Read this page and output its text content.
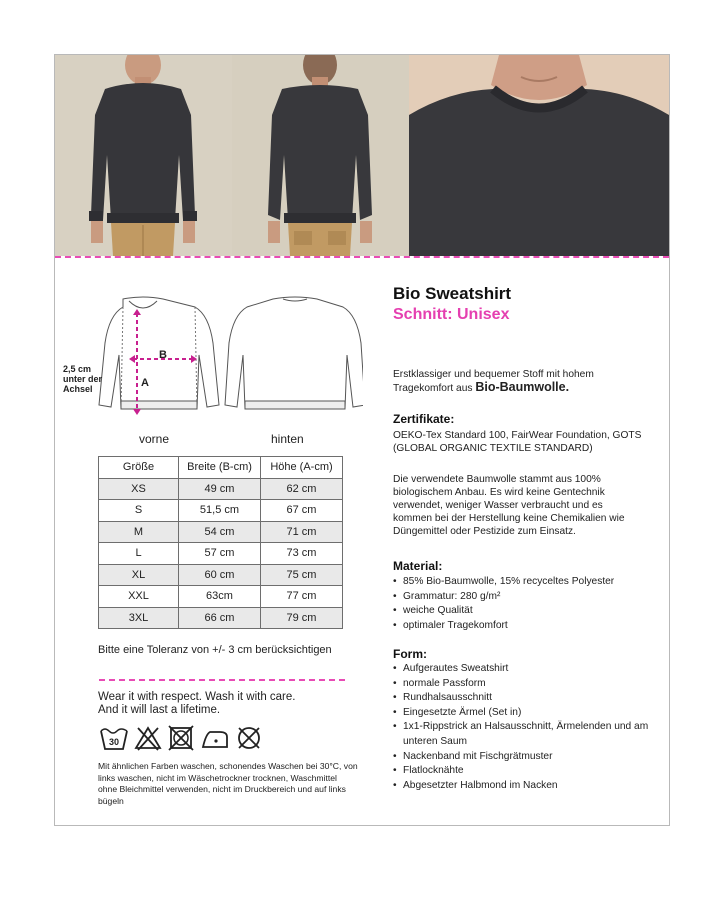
B
A
2,5 cm unter der Achsel
vorne	hinten
Größe	Breite (B-cm)	Höhe (A-cm)
XS	49 cm	62 cm
S	51,5 cm	67 cm
M	54 cm	71 cm
L	57 cm	73 cm
XL	60 cm	75 cm
XXL	63cm	77 cm
3XL	66 cm	79 cm
Bitte eine Toleranz von +/- 3 cm berücksichtigen
Wear it with respect. Wash it with care.
And it will last a lifetime.
30
Mit ähnlichen Farben waschen, schonendes Waschen bei 30°C, von links waschen, nicht im Wäschetrockner trocknen, Waschmittel ohne Bleichmittel verwenden, nicht im Druckbereich und auf links bügeln
Bio Sweatshirt
Schnitt: Unisex
Erstklassiger und bequemer Stoff mit hohem Tragekomfort aus Bio-Baumwolle.
Zertifikate:
OEKO-Tex Standard 100, FairWear Foundation, GOTS (GLOBAL ORGANIC TEXTILE STANDARD)
Die verwendete Baumwolle stammt aus 100% biologischem Anbau. Es wird keine Gentechnik verwendet, weniger Wasser verbraucht und es kommen bei der Herstellung keine Chemikalien wie Düngemittel oder Pestizide zum Einsatz.
Material:
• 85% Bio-Baumwolle, 15% recyceltes Polyester
• Grammatur: 280 g/m²
• weiche Qualität
• optimaler Tragekomfort
Form:
• Aufgerautes Sweatshirt
• normale Passform
• Rundhalsausschnitt
• Eingesetzte Ärmel (Set in)
• 1x1-Rippstrick an Halsausschnitt, Ärmelenden und am unteren Saum
• Nackenband mit Fischgrätmuster
• Flatlocknähte
• Abgesetzter Halbmond im Nacken
